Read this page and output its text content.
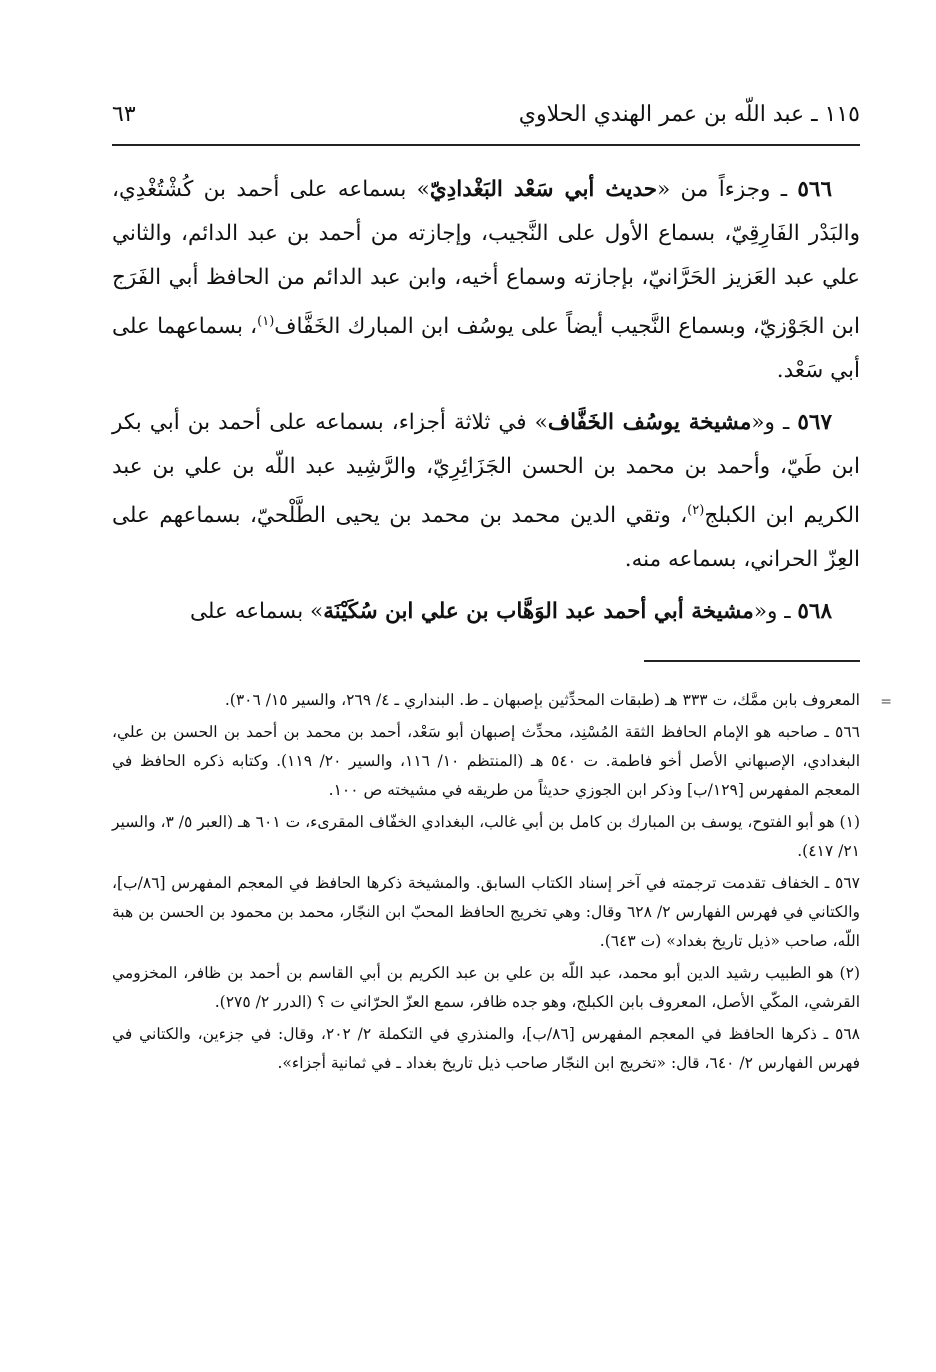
٦٣	١١٥ ـ عبد اللّه بن عمر الهندي الحلاوي

٥٦٦ ـ وجزءاً من «حديث أبي سَعْد البَغْدادِيّ» بسماعه على أحمد بن كُشْتُغْدِي، والبَدْر الفَارِقِيّ، بسماع الأول على النَّجيب، وإجازته من أحمد بن عبد الدائم، والثاني علي عبد العَزيز الحَرَّانيّ، بإجازته وسماع أخيه، وابن عبد الدائم من الحافظ أبي الفَرَج ابن الجَوْزيّ، وبسماع النَّجيب أيضاً على يوسُف ابن المبارك الخَفَّاف$^{(١)}$، بسماعهما على أبي سَعْد.

٥٦٧ ـ و«مشيخة يوسُف الخَفَّاف» في ثلاثة أجزاء، بسماعه على أحمد بن أبي بكر ابن طَيّ، وأحمد بن محمد بن الحسن الجَزَائِرِيّ، والرَّشِيد عبد اللّه بن علي بن عبد الكريم ابن الكبلج$^{(٢)}$، وتقي الدين محمد بن محمد بن يحيى الطَّلْحيّ، بسماعهم على العِزّ الحراني، بسماعه منه.

٥٦٨ ـ و«مشيخة أبي أحمد عبد الوَهَّاب بن علي ابن سُكَيْنَة» بسماعه على

=
المعروف بابن ممَّك، ت ٣٣٣ هـ (طبقات المحدِّثين بإصبهان ـ ط. البنداري ـ ٤/ ٢٦٩، والسير ١٥/ ٣٠٦).
٥٦٦ ـ صاحبه هو الإمام الحافظ الثقة المُسْنِد، محدِّث إصبهان أبو سَعْد، أحمد بن محمد بن أحمد بن الحسن بن علي، البغدادي، الإصبهاني الأصل أخو فاطمة. ت ٥٤٠ هـ (المنتظم ١٠/ ١١٦، والسير ٢٠/ ١١٩). وكتابه ذكره الحافظ في المعجم المفهرس [١٢٩/ب] وذكر ابن الجوزي حديثاً من طريقه في مشيخته ص ١٠٠.
(١) هو أبو الفتوح، يوسف بن المبارك بن كامل بن أبي غالب، البغدادي الخفّاف المقرىء، ت ٦٠١ هـ (العبر ٥/ ٣، والسير ٢١/ ٤١٧).
٥٦٧ ـ الخفاف تقدمت ترجمته في آخر إسناد الكتاب السابق. والمشيخة ذكرها الحافظ في المعجم المفهرس [٨٦/ب]، والكتاني في فهرس الفهارس ٢/ ٦٢٨ وقال: وهي تخريج الحافظ المحبّ ابن النجّار، محمد بن محمود بن الحسن بن هبة اللّه، صاحب «ذيل تاريخ بغداد» (ت ٦٤٣).
(٢) هو الطبيب رشيد الدين أبو محمد، عبد اللّه بن علي بن عبد الكريم بن أبي القاسم بن أحمد بن ظافر، المخزومي القرشي، المكّي الأصل، المعروف بابن الكبلج، وهو جده ظافر، سمع العزّ الحرّاني ت ؟ (الدرر ٢/ ٢٧٥).
٥٦٨ ـ ذكرها الحافظ في المعجم المفهرس [٨٦/ب]، والمنذري في التكملة ٢/ ٢٠٢، وقال: في جزءين، والكتاني في فهرس الفهارس ٢/ ٦٤٠، قال: «تخريج ابن النجّار صاحب ذيل تاريخ بغداد ـ في ثمانية أجزاء».
